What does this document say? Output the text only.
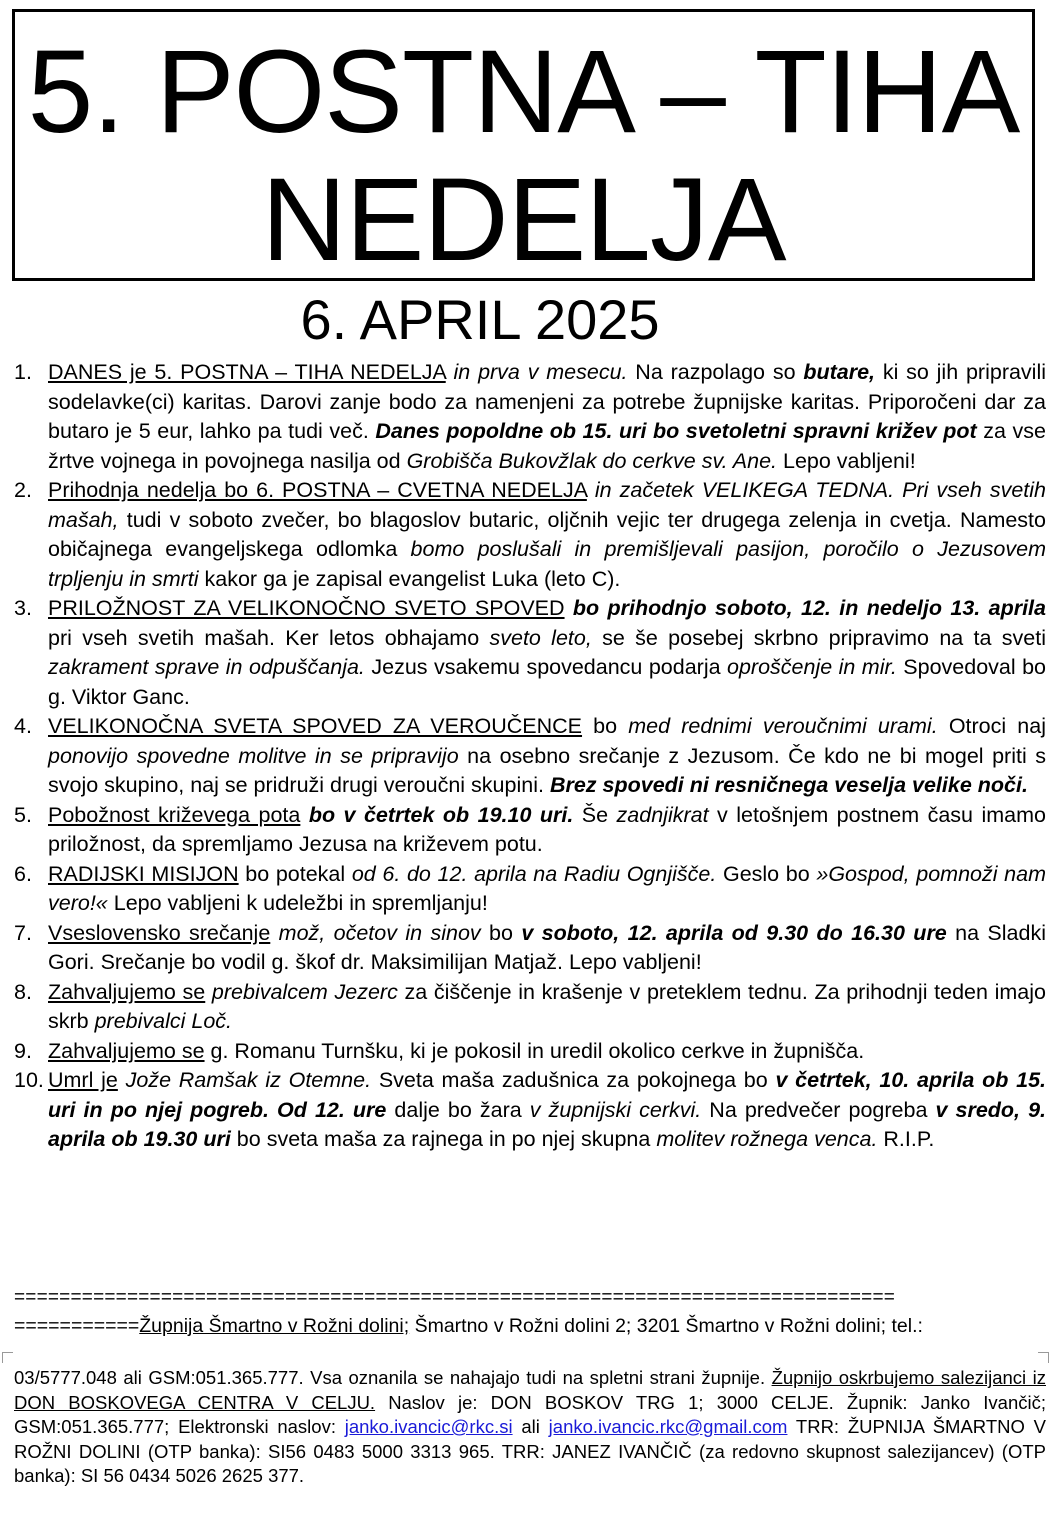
5. POSTNA – TIHA
NEDELJA
6. APRIL 2025
1. DANES je 5. POSTNA – TIHA NEDELJA in prva v mesecu. Na razpolago so butare, ki so jih pripravili sodelavke(ci) karitas. Darovi zanje bodo za namenjeni za potrebe župnijske karitas. Priporočeni dar za butaro je 5 eur, lahko pa tudi več. Danes popoldne ob 15. uri bo svetoletni spravni križev pot za vse žrtve vojnega in povojnega nasilja od Grobišča Bukovžlak do cerkve sv. Ane. Lepo vabljeni!
2. Prihodnja nedelja bo 6. POSTNA – CVETNA NEDELJA in začetek VELIKEGA TEDNA. Pri vseh svetih mašah, tudi v soboto zvečer, bo blagoslov butaric, oljčnih vejic ter drugega zelenja in cvetja. Namesto običajnega evangeljskega odlomka bomo poslušali in premišljevali pasijon, poročilo o Jezusovem trpljenju in smrti kakor ga je zapisal evangelist Luka (leto C).
3. PRILOŽNOST ZA VELIKONOČNO SVETO SPOVED bo prihodnjo soboto, 12. in nedeljo 13. aprila pri vseh svetih mašah. Ker letos obhajamo sveto leto, se še posebej skrbno pripravimo na ta sveti zakrament sprave in odpuščanja. Jezus vsakemu spovedancu podarja oproščenje in mir. Spovedoval bo g. Viktor Ganc.
4. VELIKONOČNA SVETA SPOVED ZA VEROUČENCE bo med rednimi veroučnimi urami. Otroci naj ponovijo spovedne molitve in se pripravijo na osebno srečanje z Jezusom. Če kdo ne bi mogel priti s svojo skupino, naj se pridruži drugi veroučni skupini. Brez spovedi ni resničnega veselja velike noči.
5. Pobožnost križevega pota bo v četrtek ob 19.10 uri. Še zadnjikrat v letošnjem postnem času imamo priložnost, da spremljamo Jezusa na križevem potu.
6. RADIJSKI MISIJON bo potekal od 6. do 12. aprila na Radiu Ognjišče. Geslo bo »Gospod, pomnoži nam vero!« Lepo vabljeni k udeležbi in spremljanju!
7. Vseslovensko srečanje mož, očetov in sinov bo v soboto, 12. aprila od 9.30 do 16.30 ure na Sladki Gori. Srečanje bo vodil g. škof dr. Maksimilijan Matjaž. Lepo vabljeni!
8. Zahvaljujemo se prebivalcem Jezerc za čiščenje in krašenje v preteklem tednu. Za prihodnji teden imajo skrb prebivalci Loč.
9. Zahvaljujemo se g. Romanu Turnšku, ki je pokosil in uredil okolico cerkve in župnišča.
10. Umrl je Jože Ramšak iz Otemne. Sveta maša zadušnica za pokojnega bo v četrtek, 10. aprila ob 15. uri in po njej pogreb. Od 12. ure dalje bo žara v župnijski cerkvi. Na predvečer pogreba v sredo, 9. aprila ob 19.30 uri bo sveta maša za rajnega in po njej skupna molitev rožnega venca. R.I.P.
==============================================================================
===========Župnija Šmartno v Rožni dolini; Šmartno v Rožni dolini 2; 3201 Šmartno v Rožni dolini; tel.:
03/5777.048 ali GSM:051.365.777. Vsa oznanila se nahajajo tudi na spletni strani župnije. Župnijo oskrbujemo salezijanci iz DON BOSKOVEGA CENTRA V CELJU. Naslov je: DON BOSKOV TRG 1; 3000 CELJE. Župnik: Janko Ivančič; GSM:051.365.777; Elektronski naslov: janko.ivancic@rkc.si ali janko.ivancic.rkc@gmail.com TRR: ŽUPNIJA ŠMARTNO V ROŽNI DOLINI (OTP banka): SI56 0483 5000 3313 965. TRR: JANEZ IVANČIČ (za redovno skupnost salezijancev) (OTP banka): SI 56 0434 5026 2625 377.
